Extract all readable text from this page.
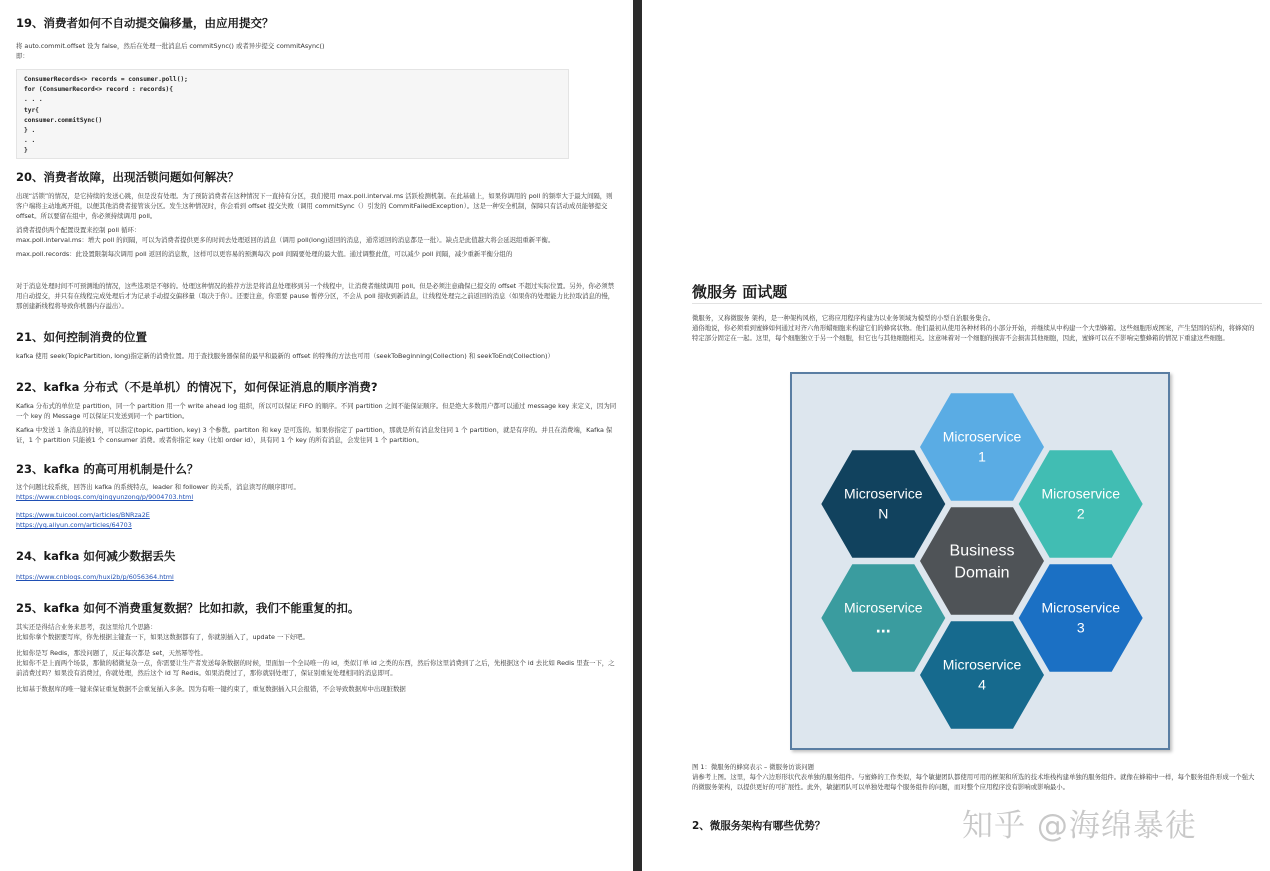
19、消费者如何不自动提交偏移量，由应用提交？

将 auto.commit.offset 设为 false，然后在处理一批消息后 commitSync() 或者异步提交 commitAsync()

即：

ConsumerRecords<> records = consumer.poll();
for (ConsumerRecord<> record : records){
. . .
tyr{
consumer.commitSync()
} .
. .
}
20、消费者故障，出现活锁问题如何解决？

出现“活锁”的情况，是它持续的发送心跳，但是没有处理。为了预防消费者在这种情况下一直持有分区，我们使用 max.poll.interval.ms 活跃检测机制。在此基础上，如果你调用的 poll 的频率大于最大间隔，则客户端将主动地离开组，以便其他消费者接管该分区。发生这种情况时，你会看到 offset 提交失败（调用 commitSync（）引发的 CommitFailedException）。这是一种安全机制，保障只有活动成员能够提交 offset。所以要留在组中，你必须持续调用 poll。

消费者提供两个配置设置来控制 poll 循环：

max.poll.interval.ms：增大 poll 的间隔，可以为消费者提供更多的时间去处理返回的消息（调用 poll(long)返回的消息，通常返回的消息都是一批）。缺点是此值越大将会延迟组重新平衡。

max.poll.records：此设置限制每次调用 poll 返回的消息数，这样可以更容易的预测每次 poll 间隔要处理的最大值。通过调整此值，可以减少 poll 间隔，减少重新平衡分组的

对于消息处理时间不可预测地的情况，这些选项是不够的。处理这种情况的推荐方法是将消息处理移到另一个线程中，让消费者继续调用 poll。但是必须注意确保已提交的 offset 不超过实际位置。另外，你必须禁用自动提交，并只有在线程完成处理后才为记录手动提交偏移量（取决于你）。还要注意，你需要 pause 暂停分区，不会从 poll 接收到新消息，让线程处理完之前返回的消息（如果你的处理能力比拉取消息的慢，那创建新线程将导致你机器内存溢出）。

21、如何控制消费的位置

kafka 使用 seek(TopicPartition, long)指定新的消费位置。用于查找服务器保留的最早和最新的 offset 的特殊的方法也可用（seekToBeginning(Collection) 和 seekToEnd(Collection)）

22、kafka 分布式（不是单机）的情况下，如何保证消息的顺序消费?

Kafka 分布式的单位是 partition，同一个 partition 用一个 write ahead log 组织，所以可以保证 FIFO 的顺序。不同 partition 之间不能保证顺序。但是绝大多数用户都可以通过 message key 来定义，因为同一个 key 的 Message 可以保证只发送到同一个 partition。

Kafka 中发送 1 条消息的时候，可以指定(topic, partition, key) 3 个参数。partiton 和 key 是可选的。如果你指定了 partition，那就是所有消息发往同 1 个 partition，就是有序的。并且在消费端，Kafka 保证，1 个 partition 只能被1 个 consumer 消费。或者你指定 key（比如 order id），具有同 1 个 key 的所有消息，会发往同 1 个 partition。

23、kafka 的高可用机制是什么？

这个问题比较系统，回答出 kafka 的系统特点，leader 和 follower 的关系，消息读写的顺序即可。

https://www.cnblogs.com/qingyunzong/p/9004703.html
https://www.tuicool.com/articles/BNRza2E
https://yq.aliyun.com/articles/64703
24、kafka 如何减少数据丢失
https://www.cnblogs.com/huxi2b/p/6056364.html
25、kafka 如何不消费重复数据？比如扣款，我们不能重复的扣。

其实还是得结合业务来思考，我这里给几个思路：

比如你拿个数据要写库，你先根据主键查一下，如果这数据都有了，你就别插入了，update 一下好吧。

比如你是写 Redis，那没问题了，反正每次都是 set，天然幂等性。

比如你不是上面两个场景，那做的稍微复杂一点，你需要让生产者发送每条数据的时候，里面加一个全局唯一的 id，类似订单 id 之类的东西，然后你这里消费到了之后，先根据这个 id 去比如 Redis 里查一下，之前消费过吗？如果没有消费过，你就处理，然后这个 id 写 Redis。如果消费过了，那你就别处理了，保证别重复处理相同的消息即可。

比如基于数据库的唯一键来保证重复数据不会重复插入多条。因为有唯一键约束了，重复数据插入只会报错，不会导致数据库中出现脏数据

微服务 面试题

微服务，又称微服务 架构，是一种架构风格，它将应用程序构建为以业务领域为模型的小型自治服务集合。

通俗地说，你必须看到蜜蜂如何通过对齐六角形蜡细胞来构建它们的蜂窝状物。他们最初从使用各种材料的小部分开始，并继续从中构建一个大型蜂箱。这些细胞形成图案，产生坚固的结构，将蜂窝的特定部分固定在一起。这里，每个细胞独立于另一个细胞，但它也与其他细胞相关。这意味着对一个细胞的损害不会损害其他细胞，因此，蜜蜂可以在不影响完整蜂箱的情况下重建这些细胞。

Microservice
1
Microservice
2
Microservice
3
Microservice
4
Microservice
...
Microservice
N
Business
Domain

图 1：微服务的蜂窝表示 – 微服务访谈问题

请参考上图。这里，每个六边形形状代表单独的服务组件。与蜜蜂的工作类似，每个敏捷团队都使用可用的框架和所选的技术堆栈构建单独的服务组件。就像在蜂箱中一样，每个服务组件形成一个强大的微服务架构，以提供更好的可扩展性。此外，敏捷团队可以单独处理每个服务组件的问题，而对整个应用程序没有影响或影响最小。

2、微服务架构有哪些优势？	知乎 @海绵暴徒
